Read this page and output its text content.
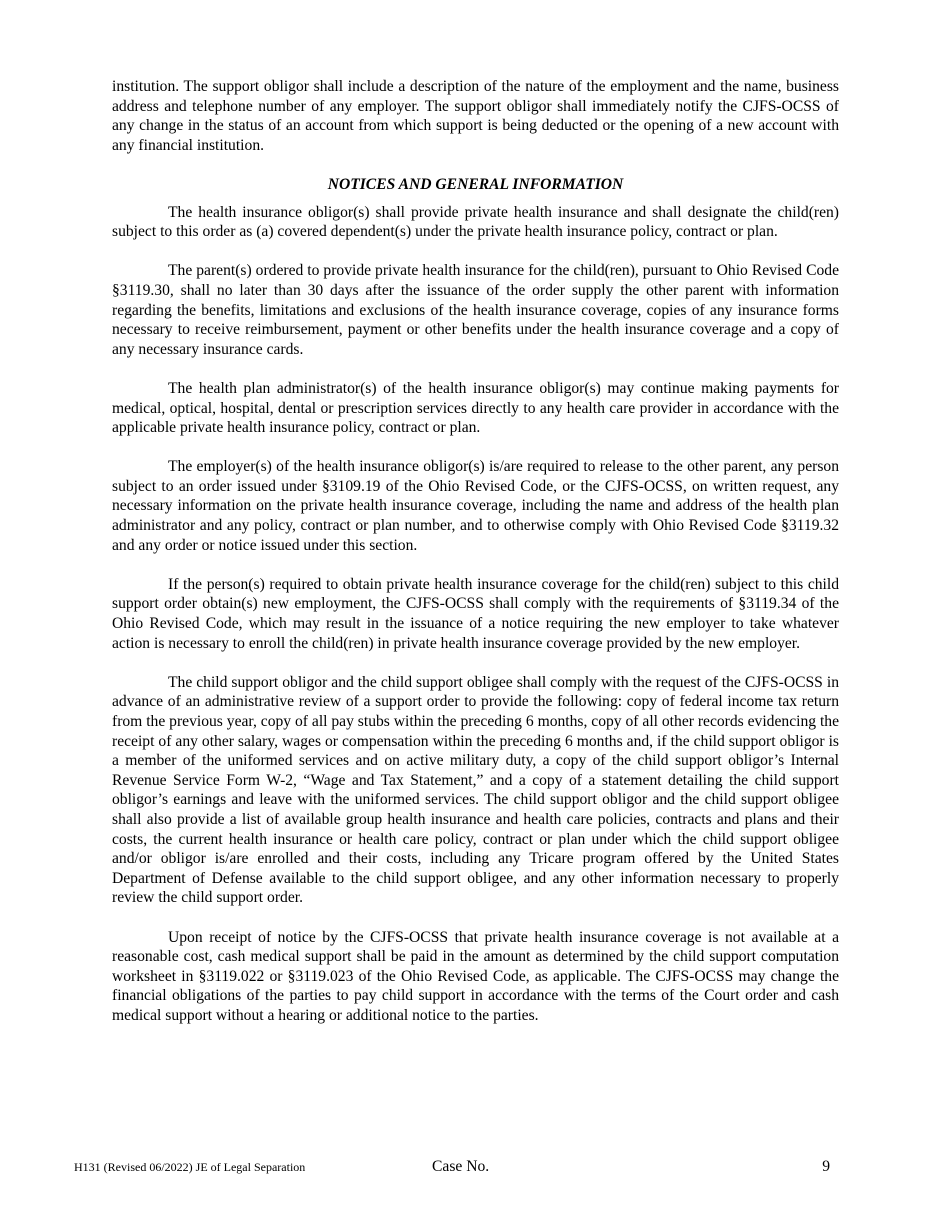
institution. The support obligor shall include a description of the nature of the employment and the name, business address and telephone number of any employer. The support obligor shall immediately notify the CJFS-OCSS of any change in the status of an account from which support is being deducted or the opening of a new account with any financial institution.

NOTICES AND GENERAL INFORMATION

The health insurance obligor(s) shall provide private health insurance and shall designate the child(ren) subject to this order as (a) covered dependent(s) under the private health insurance policy, contract or plan.

The parent(s) ordered to provide private health insurance for the child(ren), pursuant to Ohio Revised Code §3119.30, shall no later than 30 days after the issuance of the order supply the other parent with information regarding the benefits, limitations and exclusions of the health insurance coverage, copies of any insurance forms necessary to receive reimbursement, payment or other benefits under the health insurance coverage and a copy of any necessary insurance cards.

The health plan administrator(s) of the health insurance obligor(s) may continue making payments for medical, optical, hospital, dental or prescription services directly to any health care provider in accordance with the applicable private health insurance policy, contract or plan.

The employer(s) of the health insurance obligor(s) is/are required to release to the other parent, any person subject to an order issued under §3109.19 of the Ohio Revised Code, or the CJFS-OCSS, on written request, any necessary information on the private health insurance coverage, including the name and address of the health plan administrator and any policy, contract or plan number, and to otherwise comply with Ohio Revised Code §3119.32 and any order or notice issued under this section.

If the person(s) required to obtain private health insurance coverage for the child(ren) subject to this child support order obtain(s) new employment, the CJFS-OCSS shall comply with the requirements of §3119.34 of the Ohio Revised Code, which may result in the issuance of a notice requiring the new employer to take whatever action is necessary to enroll the child(ren) in private health insurance coverage provided by the new employer.

The child support obligor and the child support obligee shall comply with the request of the CJFS-OCSS in advance of an administrative review of a support order to provide the following: copy of federal income tax return from the previous year, copy of all pay stubs within the preceding 6 months, copy of all other records evidencing the receipt of any other salary, wages or compensation within the preceding 6 months and, if the child support obligor is a member of the uniformed services and on active military duty, a copy of the child support obligor’s Internal Revenue Service Form W-2, “Wage and Tax Statement,” and a copy of a statement detailing the child support obligor’s earnings and leave with the uniformed services. The child support obligor and the child support obligee shall also provide a list of available group health insurance and health care policies, contracts and plans and their costs, the current health insurance or health care policy, contract or plan under which the child support obligee and/or obligor is/are enrolled and their costs, including any Tricare program offered by the United States Department of Defense available to the child support obligee, and any other information necessary to properly review the child support order.

Upon receipt of notice by the CJFS-OCSS that private health insurance coverage is not available at a reasonable cost, cash medical support shall be paid in the amount as determined by the child support computation worksheet in §3119.022 or §3119.023 of the Ohio Revised Code, as applicable. The CJFS-OCSS may change the financial obligations of the parties to pay child support in accordance with the terms of the Court order and cash medical support without a hearing or additional notice to the parties.

H131 (Revised 06/2022) JE of Legal Separation	Case No.	9
